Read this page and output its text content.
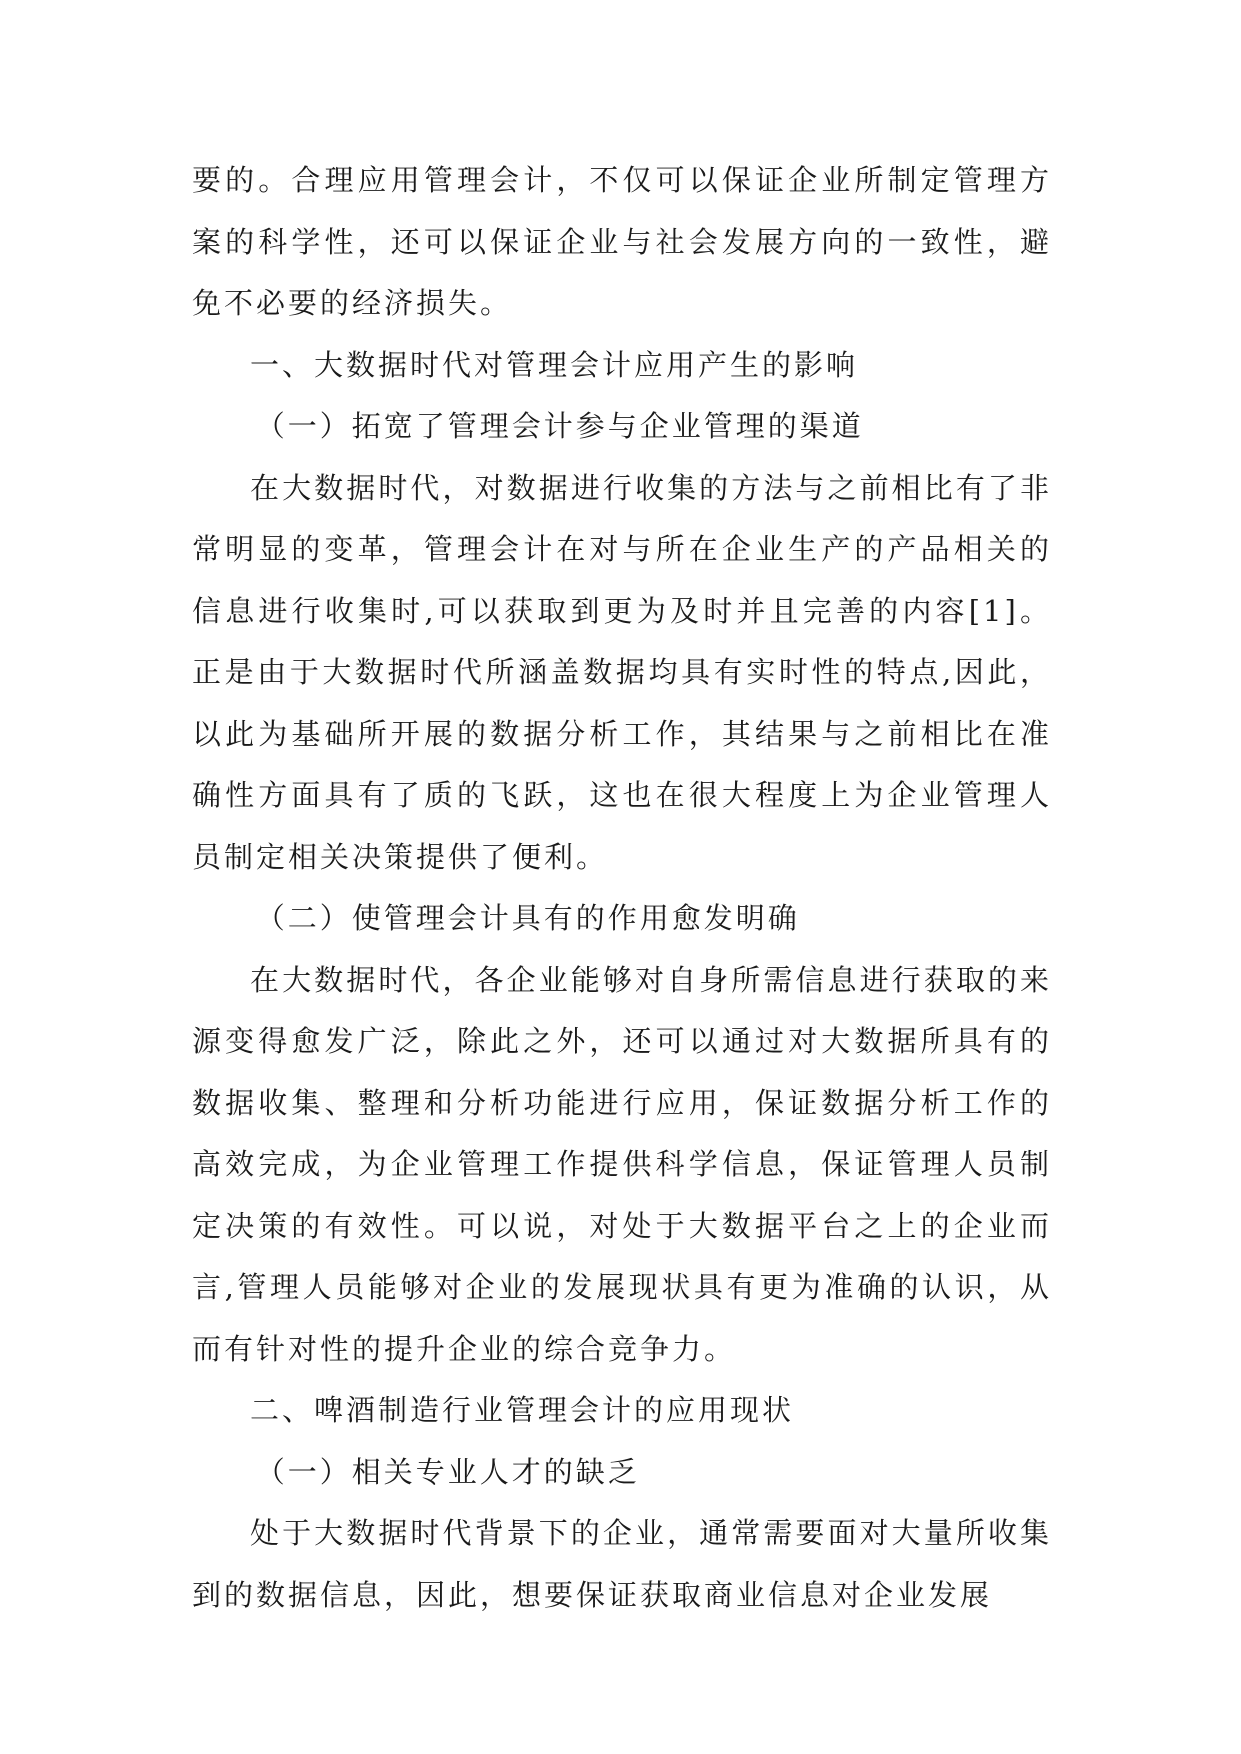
要的。合理应用管理会计，不仅可以保证企业所制定管理方案的科学性，还可以保证企业与社会发展方向的一致性，避免不必要的经济损失。

一、大数据时代对管理会计应用产生的影响

（一）拓宽了管理会计参与企业管理的渠道

在大数据时代，对数据进行收集的方法与之前相比有了非常明显的变革，管理会计在对与所在企业生产的产品相关的信息进行收集时,可以获取到更为及时并且完善的内容[1]。正是由于大数据时代所涵盖数据均具有实时性的特点,因此，以此为基础所开展的数据分析工作，其结果与之前相比在准确性方面具有了质的飞跃，这也在很大程度上为企业管理人员制定相关决策提供了便利。

（二）使管理会计具有的作用愈发明确

在大数据时代，各企业能够对自身所需信息进行获取的来源变得愈发广泛，除此之外，还可以通过对大数据所具有的数据收集、整理和分析功能进行应用，保证数据分析工作的高效完成，为企业管理工作提供科学信息，保证管理人员制定决策的有效性。可以说，对处于大数据平台之上的企业而言,管理人员能够对企业的发展现状具有更为准确的认识，从而有针对性的提升企业的综合竞争力。

二、啤酒制造行业管理会计的应用现状

（一）相关专业人才的缺乏

处于大数据时代背景下的企业，通常需要面对大量所收集到的数据信息，因此，想要保证获取商业信息对企业发展
